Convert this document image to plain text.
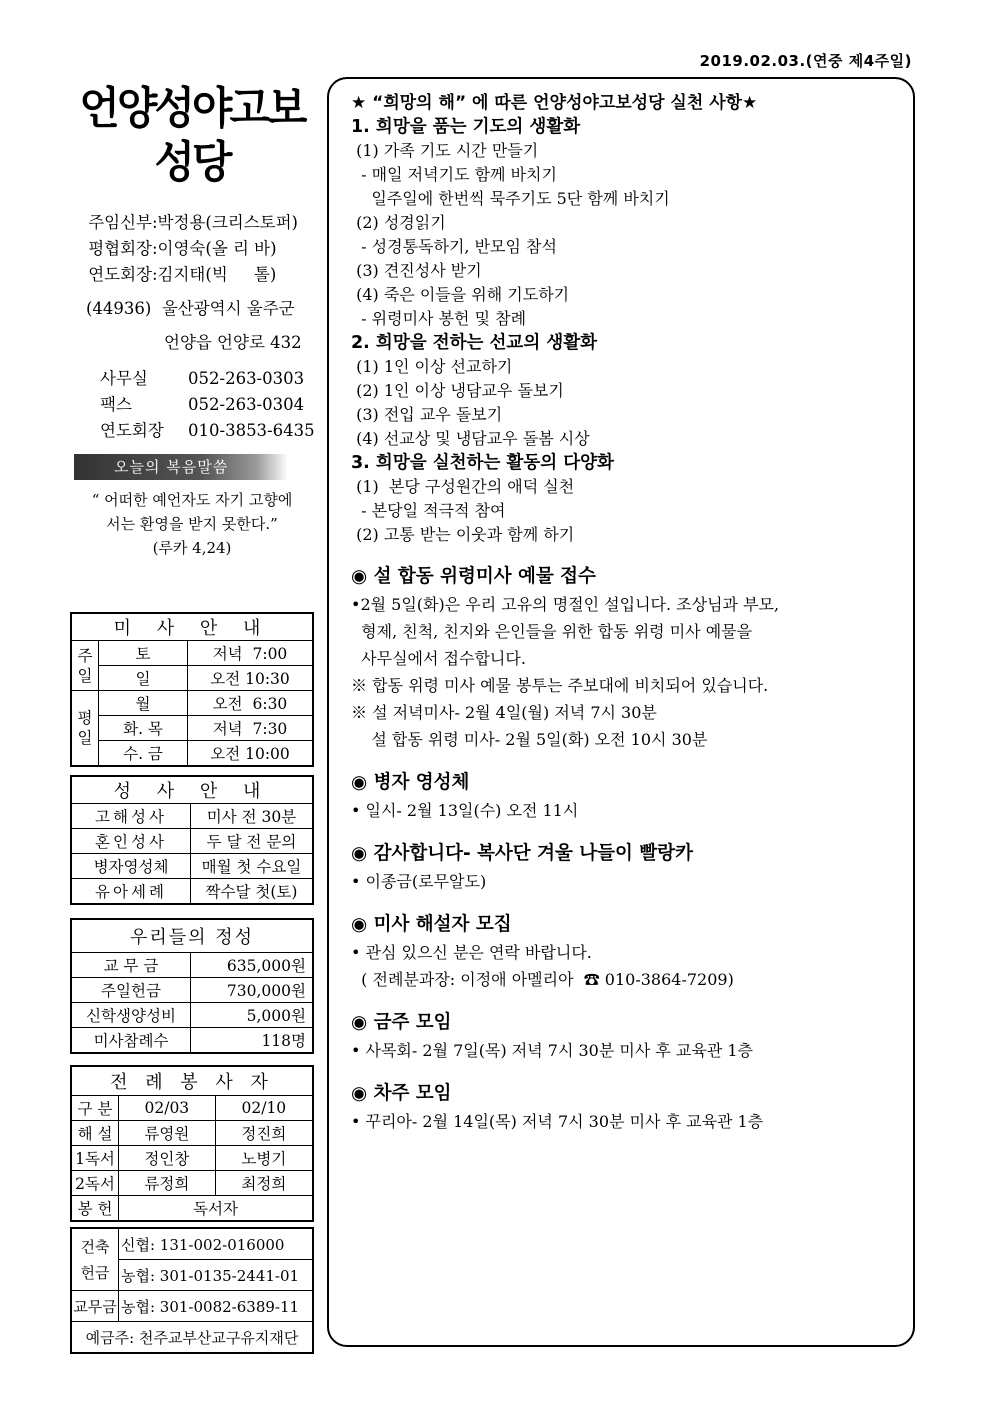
2019.02.03.(연중 제4주일)
언양성야고보
성당
주임신부:박정용(크리스토퍼)
평협회장:이영숙(올 리 바)
연도회장:김지태(빅     톨)
(44936)  울산광역시 울주군
언양읍 언양로 432
사무실 052-263-0303
팩스	052-263-0304
연도회장 010-3853-6435
오늘의 복음말씀
“ 어떠한 예언자도 자기 고향에
서는 환영을 받지 못한다.”
(루카 4,24)
미 사 안 내		
주일	토	저녁  7:00
	일	오전 10:30
평일	월	오전  6:30
	화. 목	저녁  7:30
	수. 금	오전 10:00
성 사 안 내	
고해성사	미사 전 30분
혼인성사	두 달 전 문의
병자영성체	매월 첫 수요일
유아세례	짝수달 첫(토)
우리들의 정성	
교 무 금	635,000원
주일헌금	730,000원
신학생양성비	5,000원
미사참례수	118명
전 례 봉 사 자		
구 분	02/03	02/10
해 설	류영원	정진희
1독서	정인창	노병기
2독서	류정희	최정희
봉 헌	독서자	
건축
헌금	신협: 131-002-016000
	농협: 301-0135-2441-01
교무금	농협: 301-0082-6389-11
예금주: 천주교부산교구유지재단	
★ “희망의 해” 에 따른 언양성야고보성당 실천 사항★
1. 희망을 품는 기도의 생활화
(1) 가족 기도 시간 만들기
- 매일 저녁기도 함께 바치기
일주일에 한번씩 묵주기도 5단 함께 바치기
(2) 성경읽기
- 성경통독하기, 반모임 참석
(3) 견진성사 받기
(4) 죽은 이들을 위해 기도하기
- 위령미사 봉헌 및 참례
2. 희망을 전하는 선교의 생활화
(1) 1인 이상 선교하기
(2) 1인 이상 냉담교우 돌보기
(3) 전입 교우 돌보기
(4) 선교상 및 냉담교우 돌봄 시상
3. 희망을 실천하는 활동의 다양화
(1)  본당 구성원간의 애덕 실천
- 본당일 적극적 참여
(2) 고통 받는 이웃과 함께 하기
◉ 설 합동 위령미사 예물 접수
•2월 5일(화)은 우리 고유의 명절인 설입니다. 조상님과 부모,
형제, 친척, 친지와 은인들을 위한 합동 위령 미사 예물을
사무실에서 접수합니다.
※ 합동 위령 미사 예물 봉투는 주보대에 비치되어 있습니다.
※ 설 저녁미사- 2월 4일(월) 저녁 7시 30분
설 합동 위령 미사- 2월 5일(화) 오전 10시 30분
◉ 병자 영성체
• 일시- 2월 13일(수) 오전 11시
◉ 감사합니다- 복사단 겨울 나들이 빨랑카
• 이종금(로무알도)
◉ 미사 해설자 모집
• 관심 있으신 분은 연락 바랍니다.
( 전례분과장: 이정애 아멜리아  ☎ 010-3864-7209)
◉ 금주 모임
• 사목회- 2월 7일(목) 저녁 7시 30분 미사 후 교육관 1층
◉ 차주 모임
• 꾸리아- 2월 14일(목) 저녁 7시 30분 미사 후 교육관 1층
